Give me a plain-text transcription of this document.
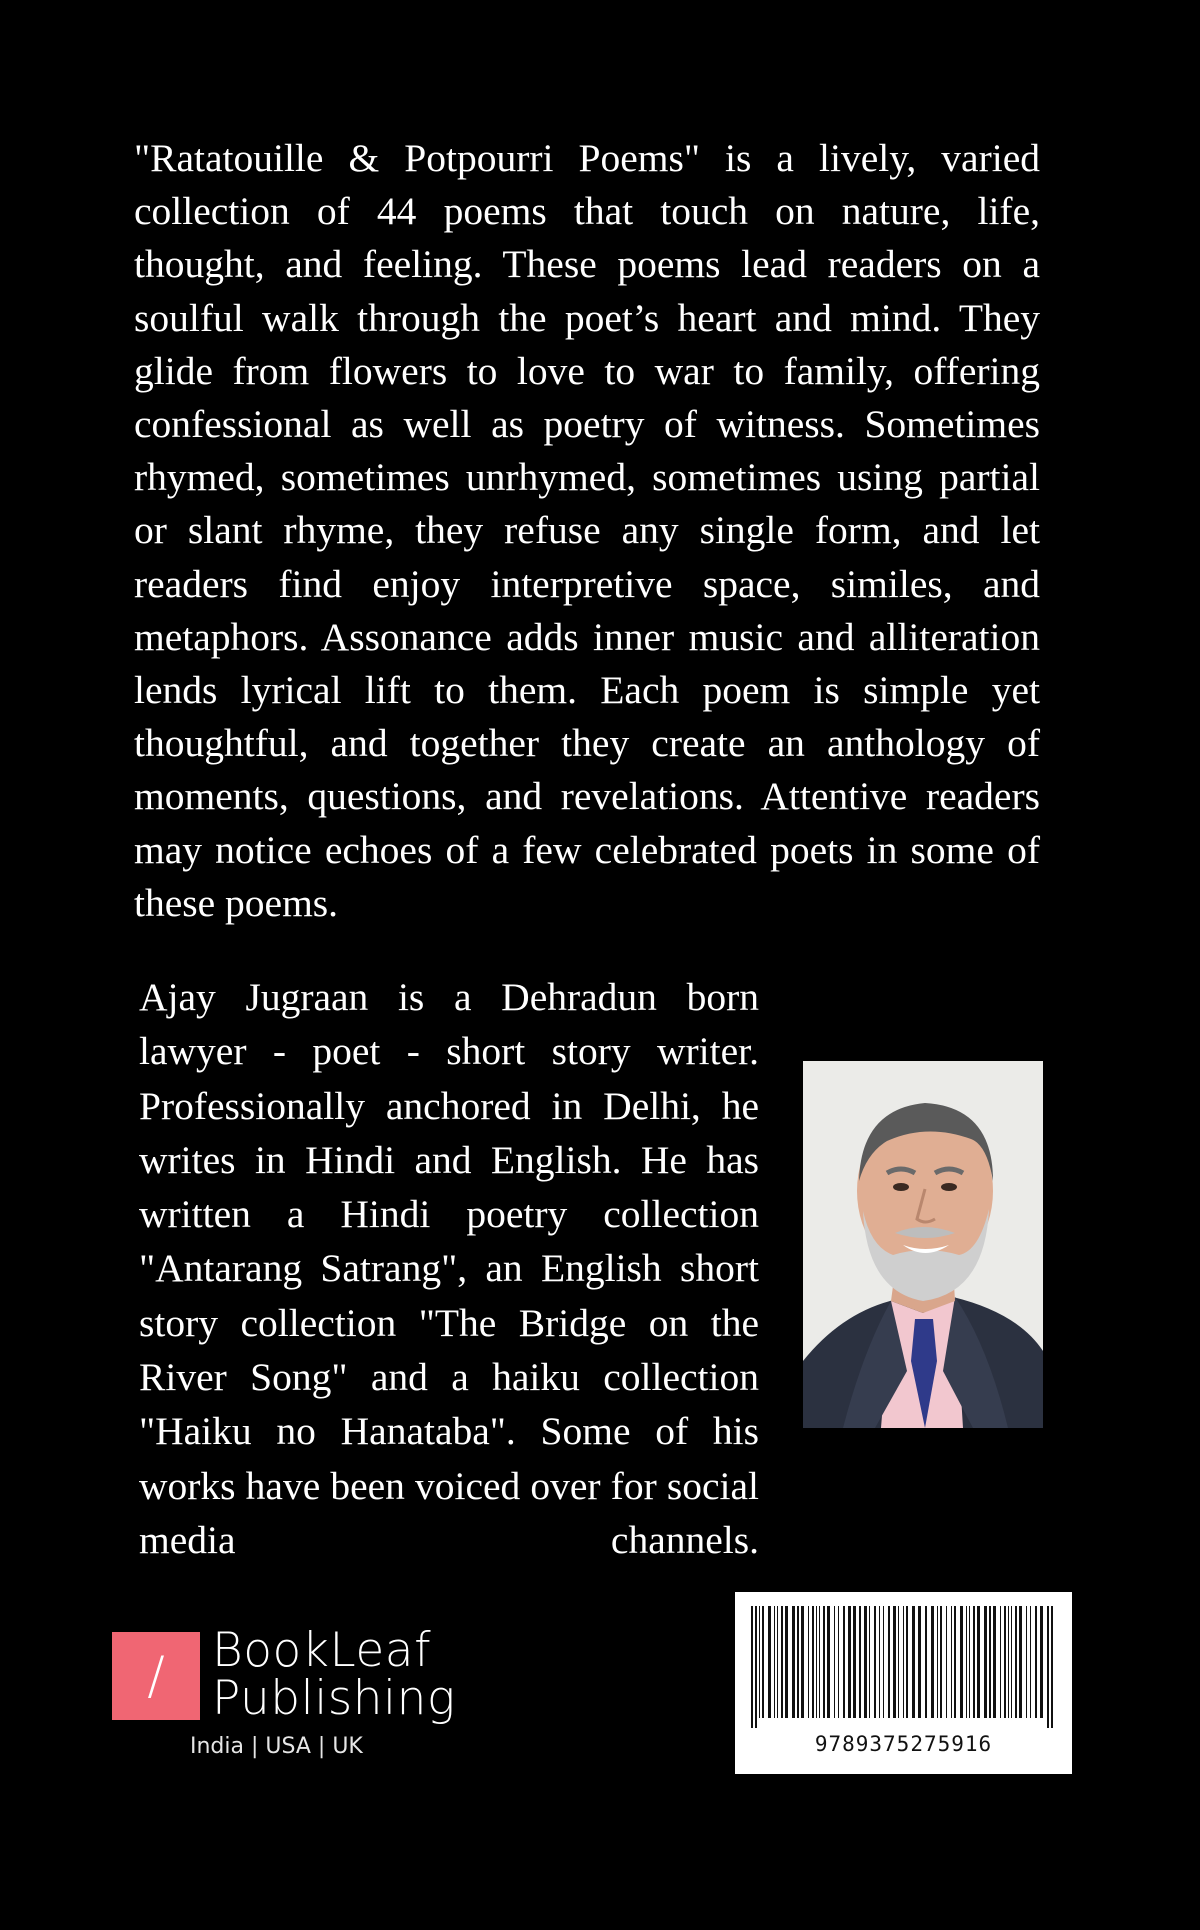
"Ratatouille & Potpourri Poems" is a lively, varied collection of 44 poems that touch on nature, life, thought, and feeling. These poems lead readers on a soulful walk through the poet’s heart and mind. They glide from flowers to love to war to family, offering confessional as well as poetry of witness. Sometimes rhymed, sometimes unrhymed, sometimes using partial or slant rhyme, they refuse any single form, and let readers find enjoy interpretive space, similes, and metaphors. Assonance adds inner music and alliteration lends lyrical lift to them. Each poem is simple yet thoughtful, and together they create an anthology of moments, questions, and revelations. Attentive readers may notice echoes of a few celebrated poets in some of these poems.

Ajay Jugraan is a Dehradun born lawyer - poet - short story writer. Professionally anchored in Delhi, he writes in Hindi and English. He has written a Hindi poetry collection "Antarang Satrang", an English short story collection "The Bridge on the River Song" and a haiku collection "Haiku no Hanataba". Some of his works have been voiced over for social media channels.

/	BookLeaf
Publishing
India | USA | UK	9789375275916
